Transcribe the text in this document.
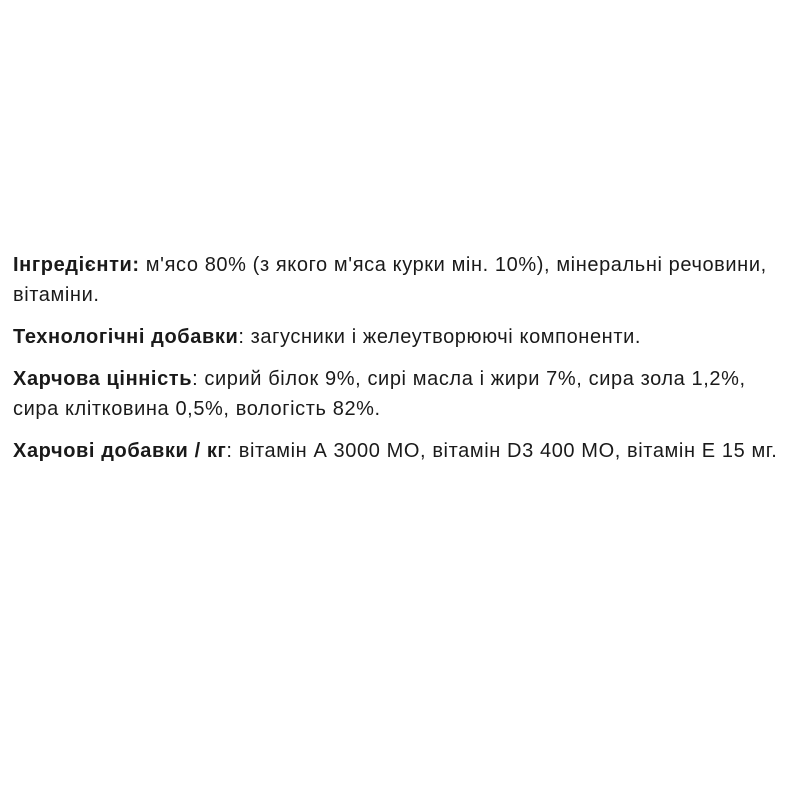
Інгредієнти: м'ясо 80% (з якого м'яса курки мін. 10%), мінеральні речовини, вітаміни.

Технологічні добавки: загусники і желеутворюючі компоненти.

Харчова цінність: сирий білок 9%, сирі масла і жири 7%, сира зола 1,2%, сира клітковина 0,5%, вологість 82%.

Харчові добавки / кг: вітамін А 3000 МО, вітамін D3 400 МО, вітамін Е 15 мг.
